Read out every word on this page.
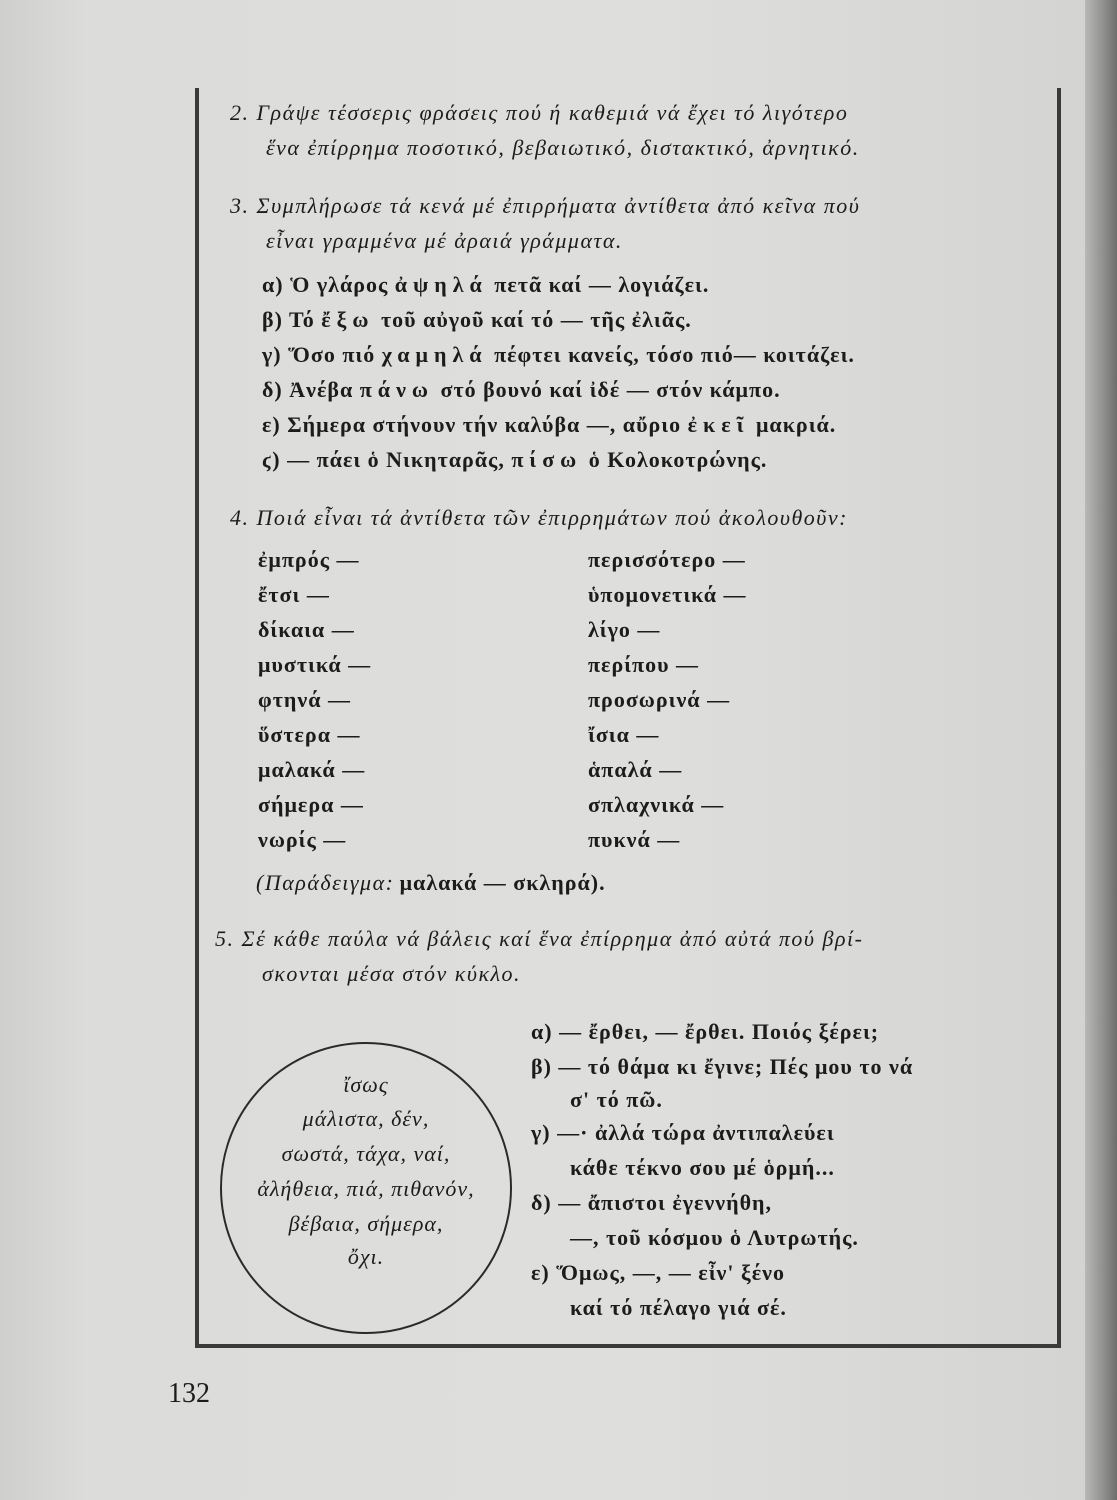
2. Γράψε τέσσερις φράσεις πού ή καθεμιά νά ἔχει τό λιγότερο
ἕνα ἐπίρρημα ποσοτικό, βεβαιωτικό, διστακτικό, ἀρνητικό.
3. Συμπλήρωσε τά κενά μέ ἐπιρρήματα ἀντίθετα ἀπό κεῖνα πού
εἶναι γραμμένα μέ ἀραιά γράμματα.
α) Ὁ γλάρος ἀψηλά πετᾶ καί — λογιάζει.
β) Τό ἔξω τοῦ αὐγοῦ καί τό — τῆς ἐλιᾶς.
γ) Ὅσο πιό χαμηλά πέφτει κανείς, τόσο πιό— κοιτάζει.
δ) Ἀνέβα πάνω στό βουνό καί ἰδέ — στόν κάμπο.
ε) Σήμερα στήνουν τήν καλύβα —, αὔριο ἐκεῖ μακριά.
ϛ) — πάει ὁ Νικηταρᾶς, πίσω ὁ Κολοκοτρώνης.
4. Ποιά εἶναι τά ἀντίθετα τῶν ἐπιρρημάτων πού ἀκολουθοῦν:
ἐμπρός —
ἔτσι —
δίκαια —
μυστικά —
φτηνά —
ὕστερα —
μαλακά —
σήμερα —
νωρίς —
περισσότερο —
ὑπομονετικά —
λίγο —
περίπου —
προσωρινά —
ἴσια —
ἁπαλά —
σπλαχνικά —
πυκνά —
(Παράδειγμα: μαλακά — σκληρά).
5. Σέ κάθε παύλα νά βάλεις καί ἕνα ἐπίρρημα ἀπό αὐτά πού βρί-
σκονται μέσα στόν κύκλο.
ἴσως
μάλιστα, δέν,
σωστά, τάχα, ναί,
ἀλήθεια, πιά, πιθανόν,
βέβαια, σήμερα,
ὄχι.
α) — ἔρθει, — ἔρθει. Ποιός ξέρει;
β) — τό θάμα κι ἔγινε; Πές μου το νά
σ' τό πῶ.
γ) —· ἀλλά τώρα ἀντιπαλεύει
κάθε τέκνο σου μέ ὁρμή...
δ) — ἄπιστοι ἐγεννήθη,
—, τοῦ κόσμου ὁ Λυτρωτής.
ε) Ὅμως, —, — εἶν' ξένο
καί τό πέλαγο γιά σέ.
132
